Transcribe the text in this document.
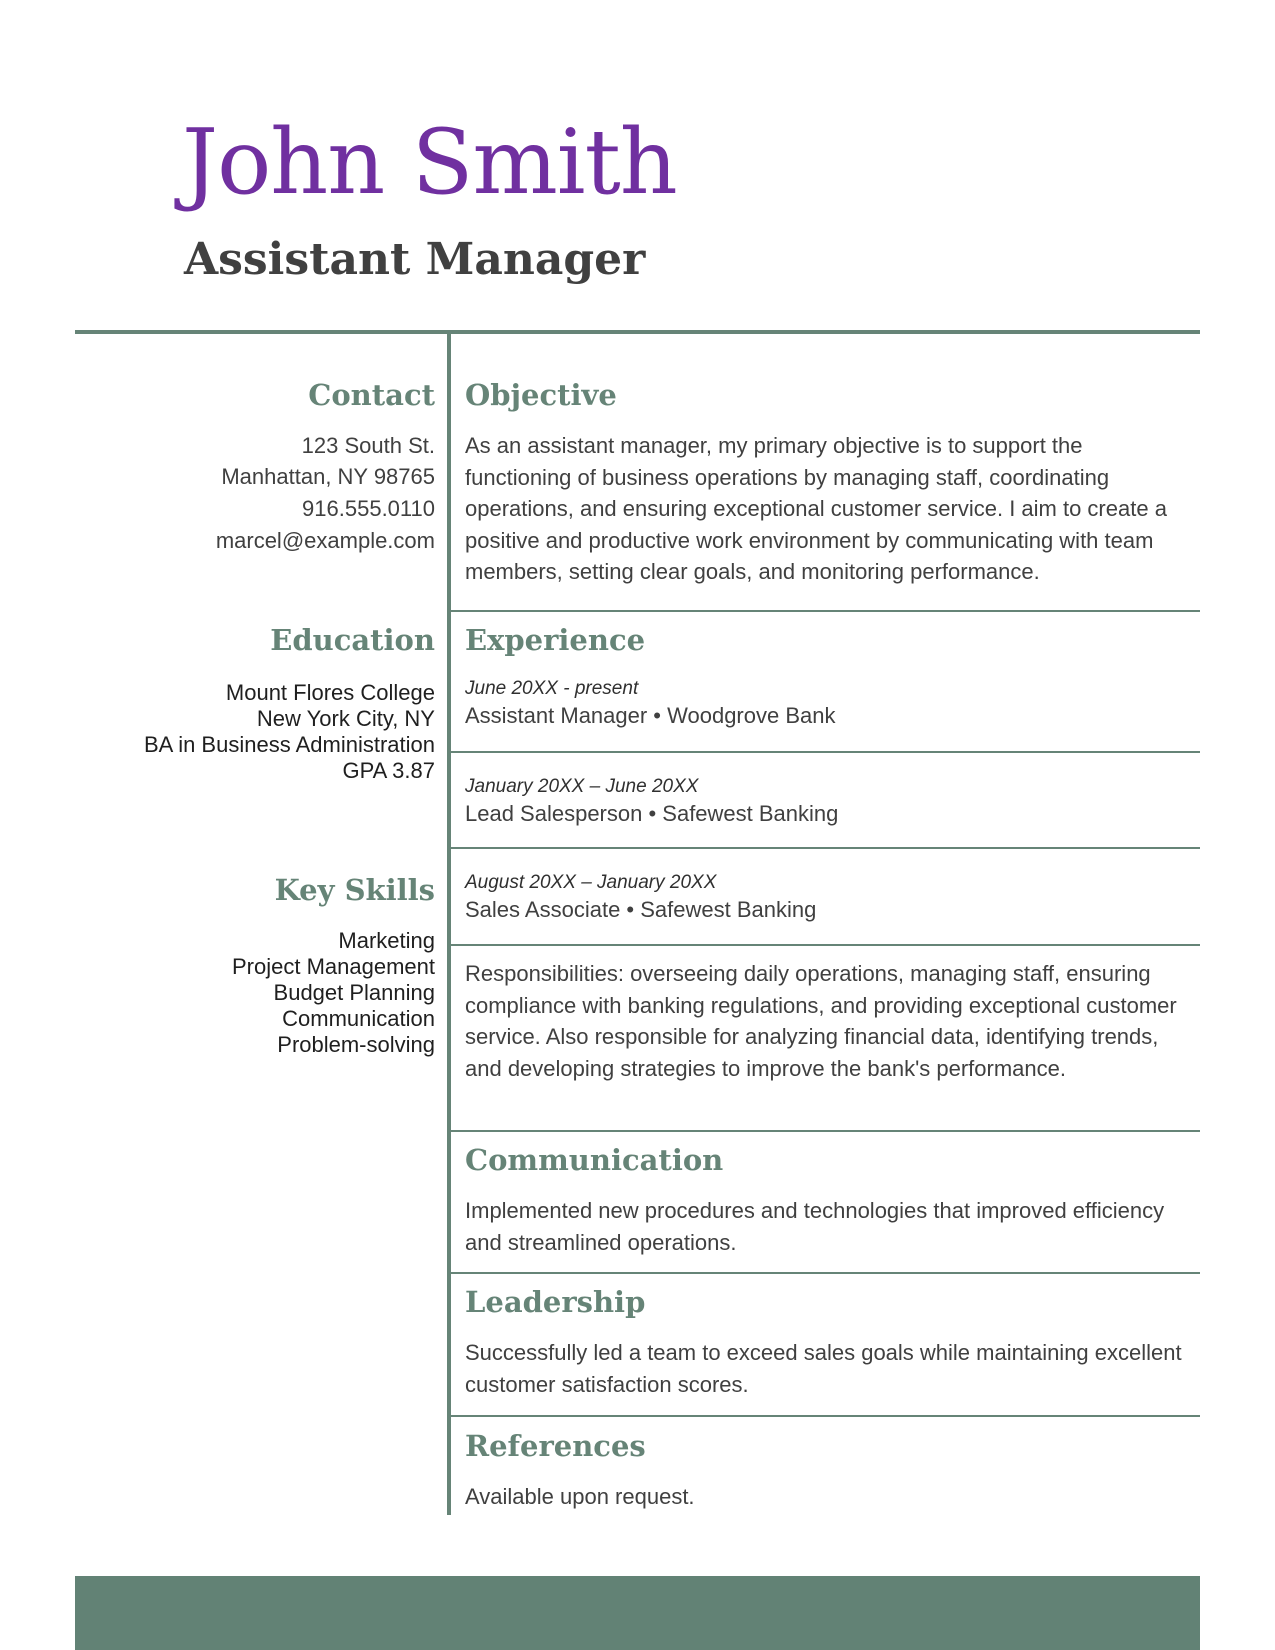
John Smith
Assistant Manager
Contact
123 South St.
Manhattan, NY 98765
916.555.0110
marcel@example.com
Education
Mount Flores College
New York City, NY
BA in Business Administration
GPA 3.87
Key Skills
Marketing
Project Management
Budget Planning
Communication
Problem-solving
Objective
As an assistant manager, my primary objective is to support the functioning of business operations by managing staff, coordinating operations, and ensuring exceptional customer service. I aim to create a positive and productive work environment by communicating with team members, setting clear goals, and monitoring performance.
Experience
June 20XX - present
Assistant Manager • Woodgrove Bank
January 20XX – June 20XX
Lead Salesperson • Safewest Banking
August 20XX – January 20XX
Sales Associate • Safewest Banking
Responsibilities: overseeing daily operations, managing staff, ensuring compliance with banking regulations, and providing exceptional customer service. Also responsible for analyzing financial data, identifying trends, and developing strategies to improve the bank's performance.
Communication
Implemented new procedures and technologies that improved efficiency and streamlined operations.
Leadership
Successfully led a team to exceed sales goals while maintaining excellent customer satisfaction scores.
References
Available upon request.
